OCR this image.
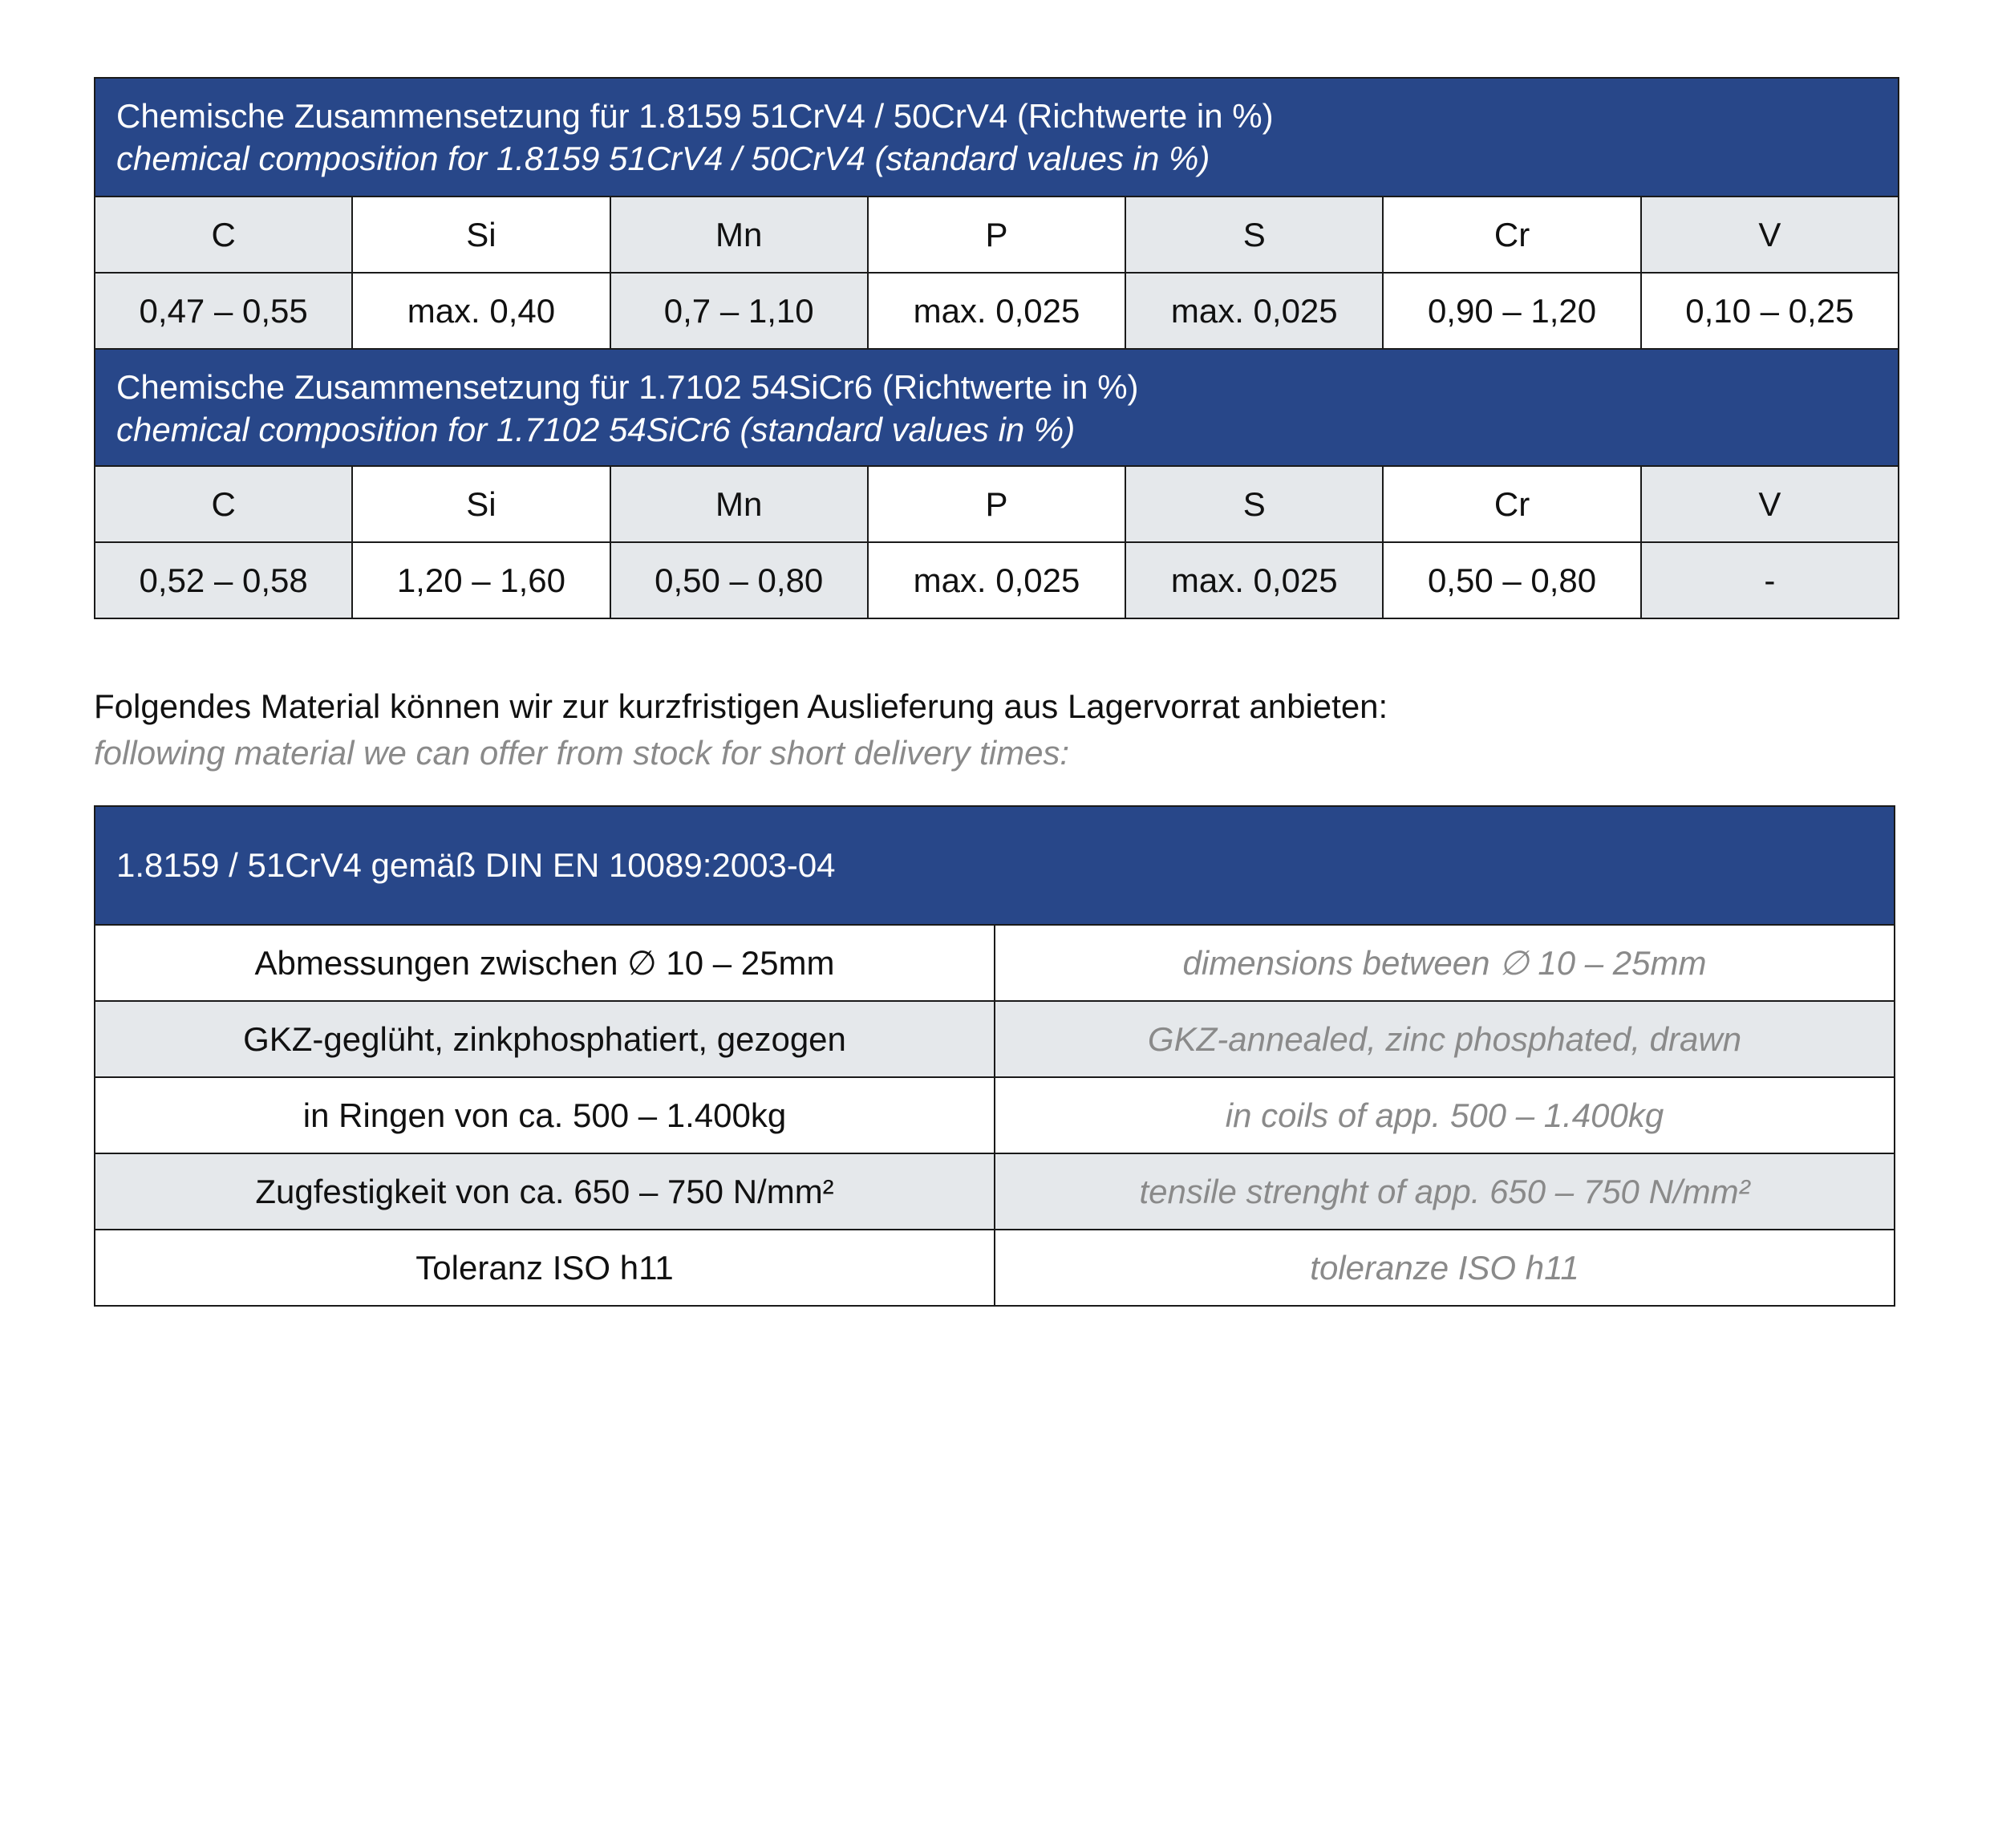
Chemische Zusammensetzung für 1.8159 51CrV4 / 50CrV4 (Richtwerte in %)
chemical composition for 1.8159 51CrV4 / 50CrV4 (standard values in %)
C	Si	Mn	P	S	Cr	V
0,47 – 0,55	max. 0,40	0,7 – 1,10	max. 0,025	max. 0,025	0,90 – 1,20	0,10 – 0,25
Chemische Zusammensetzung für 1.7102 54SiCr6 (Richtwerte in %)
chemical composition for 1.7102 54SiCr6 (standard values in %)
C	Si	Mn	P	S	Cr	V
0,52 – 0,58	1,20 – 1,60	0,50 – 0,80	max. 0,025	max. 0,025	0,50 – 0,80	-
Folgendes Material können wir zur kurzfristigen Auslieferung aus Lagervorrat anbieten:
following material we can offer from stock for short delivery times:
1.8159 / 51CrV4 gemäß DIN EN 10089:2003-04
Abmessungen zwischen ∅ 10 – 25mm	dimensions between ∅ 10 – 25mm
GKZ-geglüht, zinkphosphatiert, gezogen	GKZ-annealed, zinc phosphated, drawn
in Ringen von ca. 500 – 1.400kg	in coils of app. 500 – 1.400kg
Zugfestigkeit von ca. 650 – 750 N/mm²	tensile strenght of app. 650 – 750 N/mm²
Toleranz ISO h11	toleranze ISO h11
